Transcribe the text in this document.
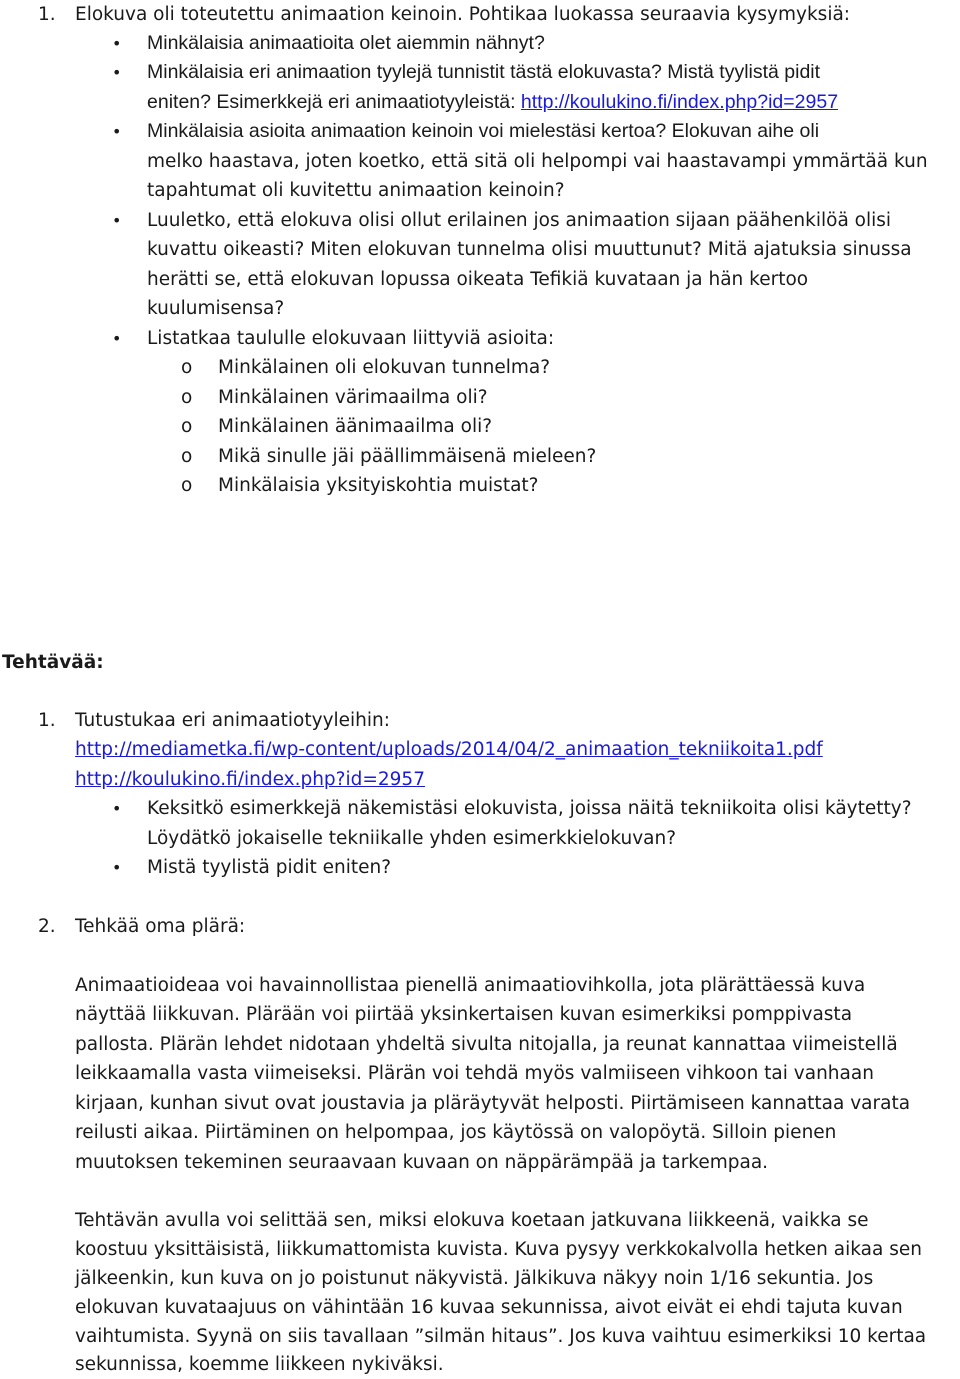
1. Elokuva oli toteutettu animaation keinoin. Pohtikaa luokassa seuraavia kysymyksiä:
• Minkälaisia animaatioita olet aiemmin nähnyt?
• Minkälaisia eri animaation tyylejä tunnistit tästä elokuvasta? Mistä tyylistä pidit
eniten? Esimerkkejä eri animaatiotyyleistä: http://koulukino.fi/index.php?id=2957
• Minkälaisia asioita animaation keinoin voi mielestäsi kertoa? Elokuvan aihe oli
melko haastava, joten koetko, että sitä oli helpompi vai haastavampi ymmärtää kun
tapahtumat oli kuvitettu animaation keinoin?
• Luuletko, että elokuva olisi ollut erilainen jos animaation sijaan päähenkilöä olisi
kuvattu oikeasti? Miten elokuvan tunnelma olisi muuttunut? Mitä ajatuksia sinussa
herätti se, että elokuvan lopussa oikeata Tefikiä kuvataan ja hän kertoo
kuulumisensa?
• Listatkaa taululle elokuvaan liittyviä asioita:
o Minkälainen oli elokuvan tunnelma?
o Minkälainen värimaailma oli?
o Minkälainen äänimaailma oli?
o Mikä sinulle jäi päällimmäisenä mieleen?
o Minkälaisia yksityiskohtia muistat?
Tehtävää:
1. Tutustukaa eri animaatiotyyleihin:
http://mediametka.fi/wp-content/uploads/2014/04/2_animaation_tekniikoita1.pdf
http://koulukino.fi/index.php?id=2957
• Keksitkö esimerkkejä näkemistäsi elokuvista, joissa näitä tekniikoita olisi käytetty?
Löydätkö jokaiselle tekniikalle yhden esimerkkielokuvan?
• Mistä tyylistä pidit eniten?
2. Tehkää oma plärä:
Animaatioideaa voi havainnollistaa pienellä animaatiovihkolla, jota plärättäessä kuva
näyttää liikkuvan. Plärään voi piirtää yksinkertaisen kuvan esimerkiksi pomppivasta
pallosta. Plärän lehdet nidotaan yhdeltä sivulta nitojalla, ja reunat kannattaa viimeistellä
leikkaamalla vasta viimeiseksi. Plärän voi tehdä myös valmiiseen vihkoon tai vanhaan
kirjaan, kunhan sivut ovat joustavia ja pläräytyvät helposti. Piirtämiseen kannattaa varata
reilusti aikaa. Piirtäminen on helpompaa, jos käytössä on valopöytä. Silloin pienen
muutoksen tekeminen seuraavaan kuvaan on näppärämpää ja tarkempaa.
Tehtävän avulla voi selittää sen, miksi elokuva koetaan jatkuvana liikkeenä, vaikka se
koostuu yksittäisistä, liikkumattomista kuvista. Kuva pysyy verkkokalvolla hetken aikaa sen
jälkeenkin, kun kuva on jo poistunut näkyvistä. Jälkikuva näkyy noin 1/16 sekuntia. Jos
elokuvan kuvataajuus on vähintään 16 kuvaa sekunnissa, aivot eivät ei ehdi tajuta kuvan
vaihtumista. Syynä on siis tavallaan ”silmän hitaus”. Jos kuva vaihtuu esimerkiksi 10 kertaa
sekunnissa, koemme liikkeen nykiväksi.
